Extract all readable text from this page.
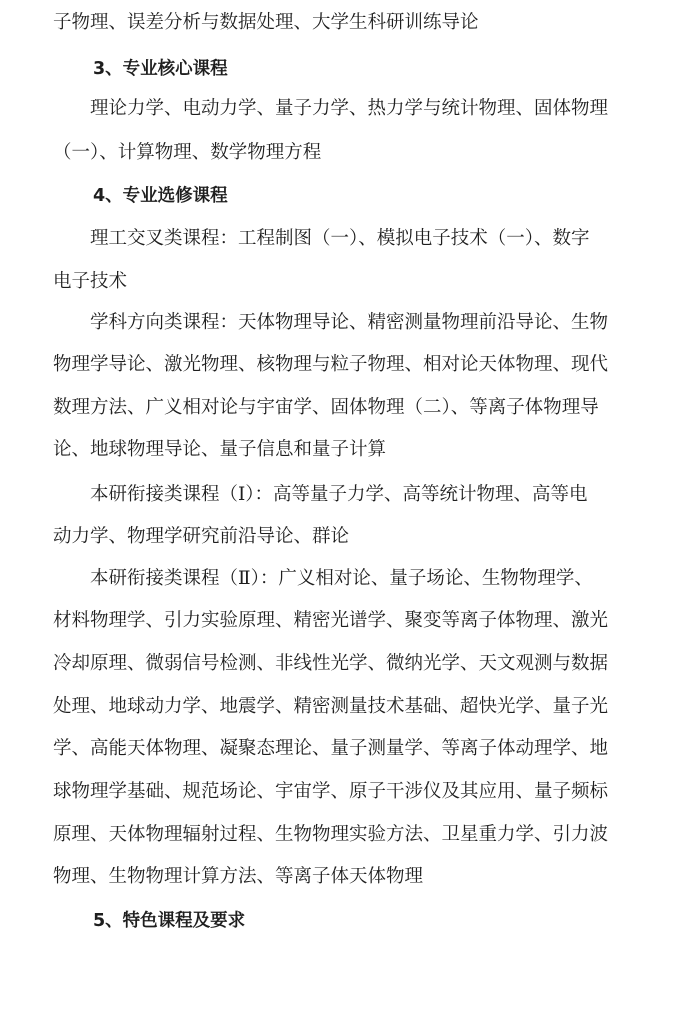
子物理、误差分析与数据处理、大学生科研训练导论

3、专业核心课程

理论力学、电动力学、量子力学、热力学与统计物理、固体物理

（一）、计算物理、数学物理方程

4、专业选修课程

理工交叉类课程：工程制图（一）、模拟电子技术（一）、数字

电子技术

学科方向类课程：天体物理导论、精密测量物理前沿导论、生物

物理学导论、激光物理、核物理与粒子物理、相对论天体物理、现代

数理方法、广义相对论与宇宙学、固体物理（二）、等离子体物理导

论、地球物理导论、量子信息和量子计算

本研衔接类课程（Ⅰ）：高等量子力学、高等统计物理、高等电

动力学、物理学研究前沿导论、群论

本研衔接类课程（Ⅱ）：广义相对论、量子场论、生物物理学、

材料物理学、引力实验原理、精密光谱学、聚变等离子体物理、激光

冷却原理、微弱信号检测、非线性光学、微纳光学、天文观测与数据

处理、地球动力学、地震学、精密测量技术基础、超快光学、量子光

学、高能天体物理、凝聚态理论、量子测量学、等离子体动理学、地

球物理学基础、规范场论、宇宙学、原子干涉仪及其应用、量子频标

原理、天体物理辐射过程、生物物理实验方法、卫星重力学、引力波

物理、生物物理计算方法、等离子体天体物理

5、特色课程及要求
